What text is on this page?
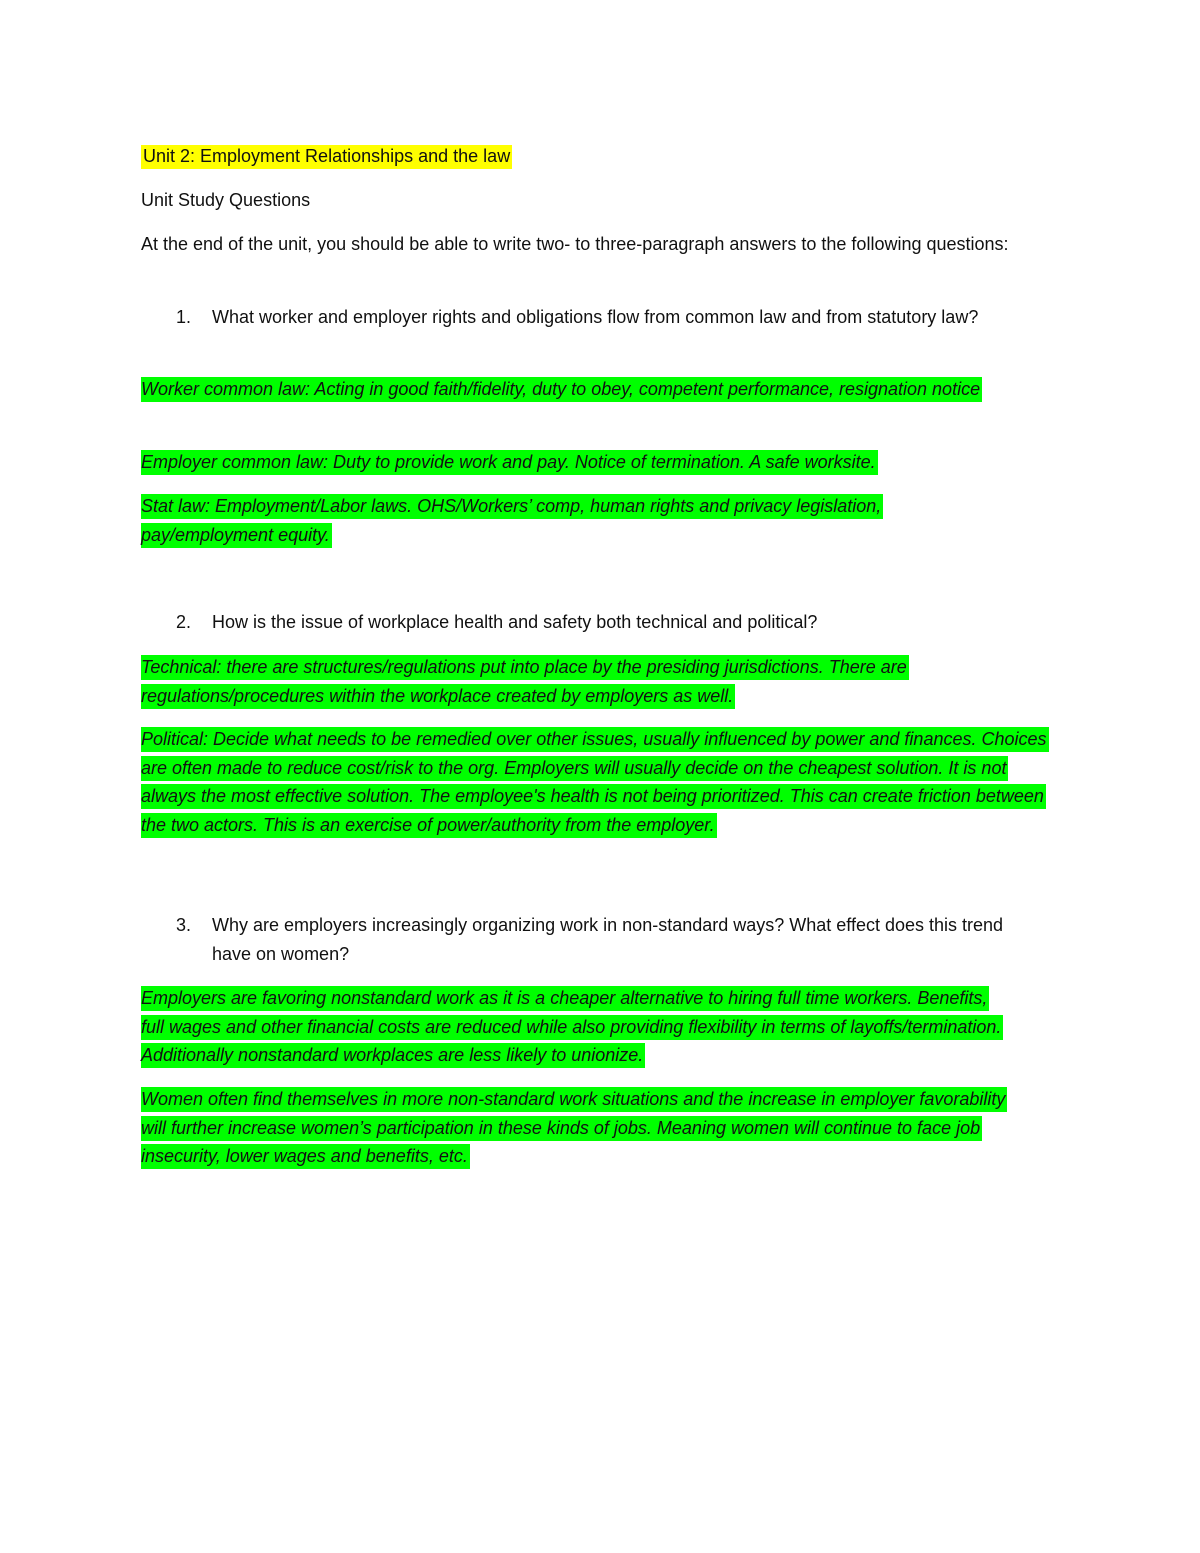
Unit 2: Employment Relationships and the law
Unit Study Questions
At the end of the unit, you should be able to write two- to three-paragraph answers to the following questions:
1.	What worker and employer rights and obligations flow from common law and from statutory law?
Worker common law: Acting in good faith/fidelity, duty to obey, competent performance, resignation notice
Employer common law: Duty to provide work and pay. Notice of termination. A safe worksite.
Stat law: Employment/Labor laws. OHS/Workers’ comp, human rights and privacy legislation, pay/employment equity.
2.	How is the issue of workplace health and safety both technical and political?
Technical: there are structures/regulations put into place by the presiding jurisdictions. There are regulations/procedures within the workplace created by employers as well.
Political: Decide what needs to be remedied over other issues, usually influenced by power and finances. Choices are often made to reduce cost/risk to the org. Employers will usually decide on the cheapest solution. It is not always the most effective solution. The employee's health is not being prioritized. This can create friction between the two actors. This is an exercise of power/authority from the employer.
3.	Why are employers increasingly organizing work in non-standard ways? What effect does this trend have on women?
Employers are favoring nonstandard work as it is a cheaper alternative to hiring full time workers. Benefits, full wages and other financial costs are reduced while also providing flexibility in terms of layoffs/termination. Additionally nonstandard workplaces are less likely to unionize.
Women often find themselves in more non-standard work situations and the increase in employer favorability will further increase women’s participation in these kinds of jobs. Meaning women will continue to face job insecurity, lower wages and benefits, etc.
